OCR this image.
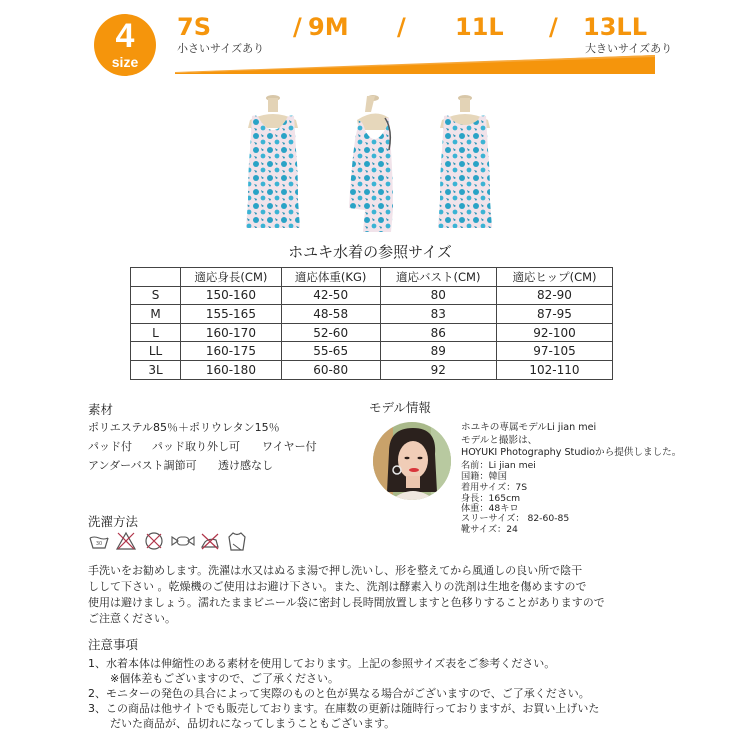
4
size
7S	/ 9M / 11L / 13LL
小さいサイズあり	大きいサイズあり
ホユキ水着の参照サイズ
	適応身長(CM)	適応体重(KG)	適応バスト(CM)	適応ヒップ(CM)
S	150-160	42-50	80	82-90
M	155-165	48-58	83	87-95
L	160-170	52-60	86	92-100
LL	160-175	55-65	89	97-105
3L	160-180	60-80	92	102-110
素材
ポリエステル85％＋ポリウレタン15％
パッド付 パッド取り外し可 ワイヤー付
アンダーバスト調節可 透け感なし
モデル情報
ホユキの専属モデルLi jian mei
モデルと撮影は、
HOYUKI Photography Studioから提供しました。
名前：Li jian mei
国籍：韓国
着用サイズ：7S
身長：165cm
体重：48キロ
スリーサイズ： 82-60-85
靴サイズ：24
洗濯方法
30
手洗いをお勧めします。洗濯は水又はぬるま湯で押し洗いし、形を整えてから風通しの良い所で陰干
しして下さい 。乾燥機のご使用はお避け下さい。また、洗剤は酵素入りの洗剤は生地を傷めますので
使用は避けましょう。濡れたままビニール袋に密封し長時間放置しますと色移りすることがありますので
ご注意ください。
注意事項
1、水着本体は伸縮性のある素材を使用しております。上記の参照サイズ表をご参考ください。
　　※個体差もございますので、ご了承ください。
2、モニターの発色の具合によって実際のものと色が異なる場合がございますので、ご了承ください。
3、この商品は他サイトでも販売しております。在庫数の更新は随時行っておりますが、お買い上げいた
　　だいた商品が、品切れになってしまうこともございます。
